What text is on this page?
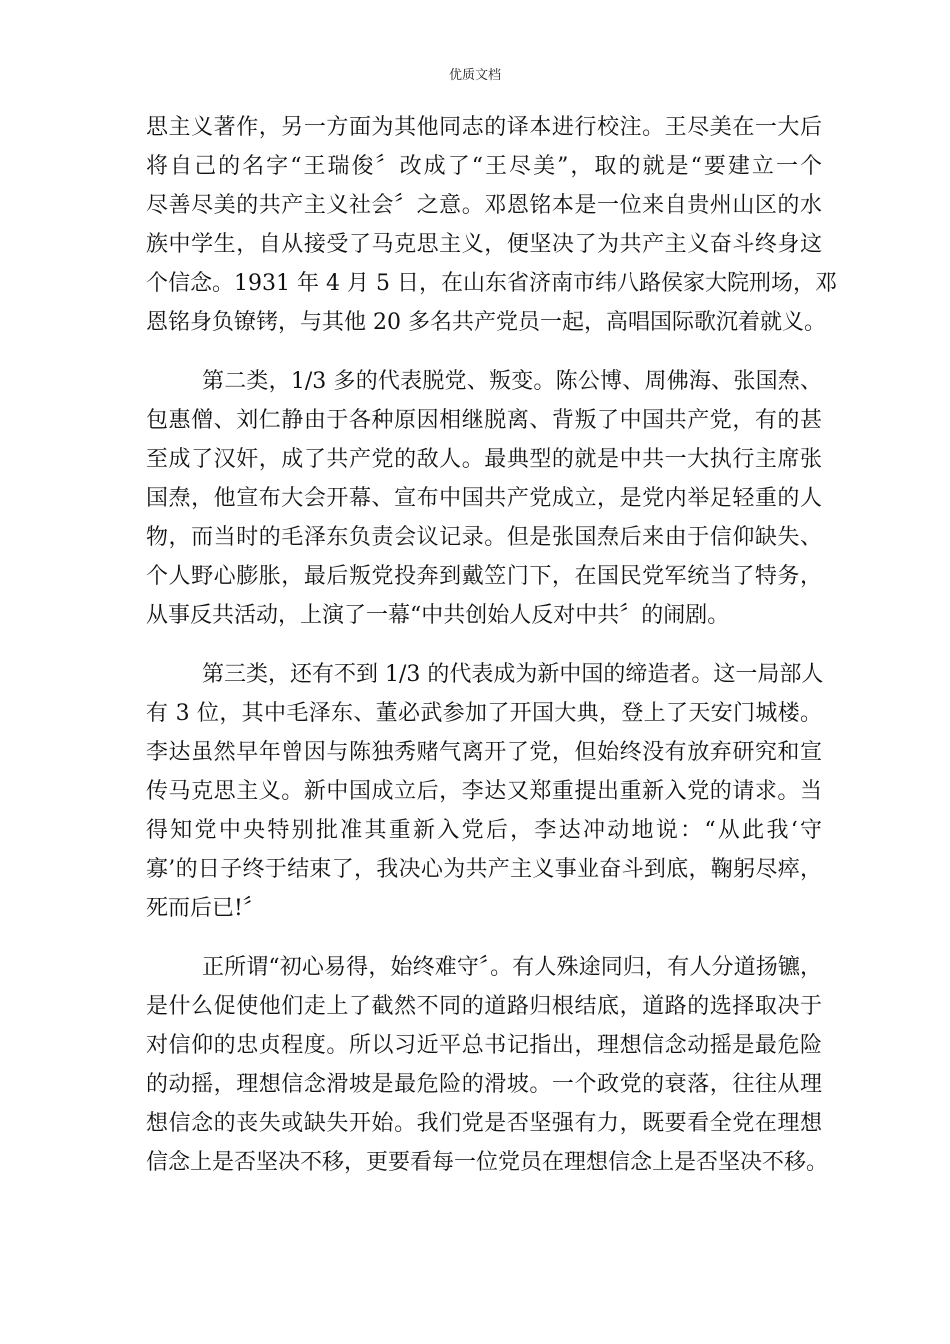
优质文档
思主义著作，另一方面为其他同志的译本进行校注。王尽美在一大后
将自己的名字“王瑞俊〞改成了“王尽美”，取的就是“要建立一个
尽善尽美的共产主义社会〞之意。邓恩铭本是一位来自贵州山区的水
族中学生，自从接受了马克思主义，便坚决了为共产主义奋斗终身这
个信念。1931 年 4 月 5 日，在山东省济南市纬八路侯家大院刑场，邓
恩铭身负镣铐，与其他 20 多名共产党员一起，高唱国际歌沉着就义。
第二类，1/3 多的代表脱党、叛变。陈公博、周佛海、张国焘、
包惠僧、刘仁静由于各种原因相继脱离、背叛了中国共产党，有的甚
至成了汉奸，成了共产党的敌人。最典型的就是中共一大执行主席张
国焘，他宣布大会开幕、宣布中国共产党成立，是党内举足轻重的人
物，而当时的毛泽东负责会议记录。但是张国焘后来由于信仰缺失、
个人野心膨胀，最后叛党投奔到戴笠门下，在国民党军统当了特务，
从事反共活动，上演了一幕“中共创始人反对中共〞的闹剧。
第三类，还有不到 1/3 的代表成为新中国的缔造者。这一局部人
有 3 位，其中毛泽东、董必武参加了开国大典，登上了天安门城楼。
李达虽然早年曾因与陈独秀赌气离开了党，但始终没有放弃研究和宣
传马克思主义。新中国成立后，李达又郑重提出重新入党的请求。当
得知党中央特别批准其重新入党后，李达冲动地说：“从此我‘守
寡’的日子终于结束了，我决心为共产主义事业奋斗到底，鞠躬尽瘁，
死而后已!〞
正所谓“初心易得，始终难守〞。有人殊途同归，有人分道扬镳，
是什么促使他们走上了截然不同的道路归根结底，道路的选择取决于
对信仰的忠贞程度。所以习近平总书记指出，理想信念动摇是最危险
的动摇，理想信念滑坡是最危险的滑坡。一个政党的衰落，往往从理
想信念的丧失或缺失开始。我们党是否坚强有力，既要看全党在理想
信念上是否坚决不移，更要看每一位党员在理想信念上是否坚决不移。
